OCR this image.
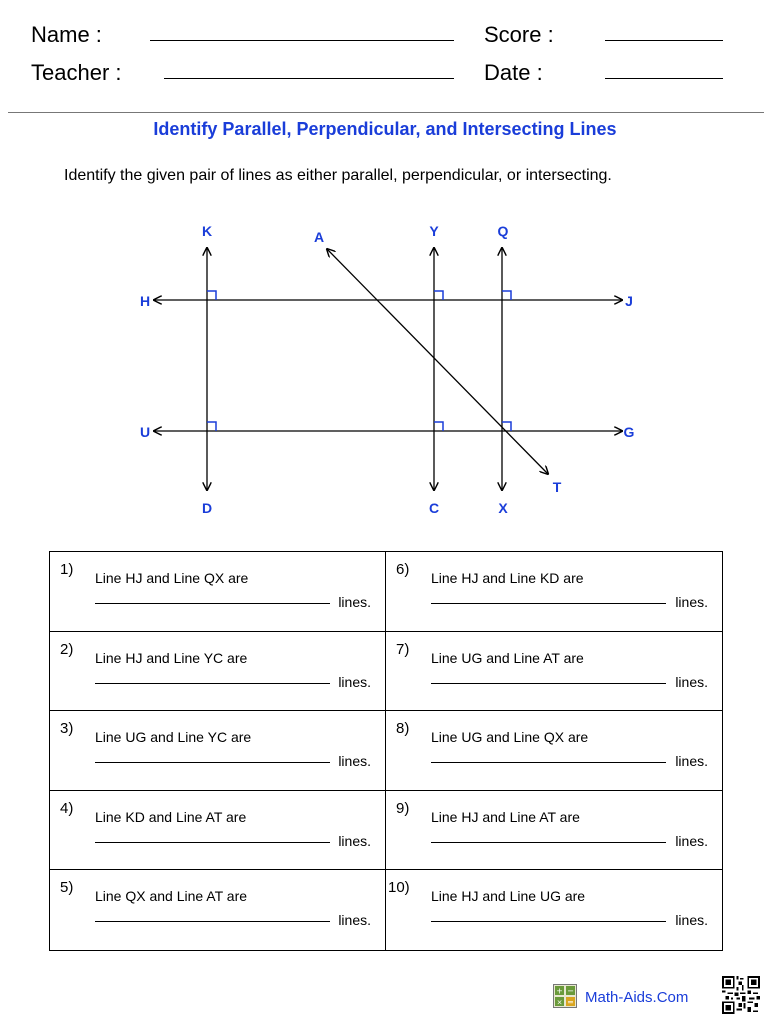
Name :
Teacher :
Score :
Date :
Identify Parallel, Perpendicular, and Intersecting Lines
Identify the given pair of lines as either parallel, perpendicular, or intersecting.
K	A	Y	Q
H	J
U	G
D	C	X
T
1) Line HJ and Line QX are
lines.
6) Line HJ and Line KD are
lines.
2) Line HJ and Line YC are
lines.
7) Line UG and Line AT are
lines.
3) Line UG and Line YC are
lines.
8) Line UG and Line QX are
lines.
4) Line KD and Line AT are
lines.
9) Line HJ and Line AT are
lines.
5) Line QX and Line AT are
lines.
10) Line HJ and Line UG are
lines.
+ −
× = Math-Aids.Com
